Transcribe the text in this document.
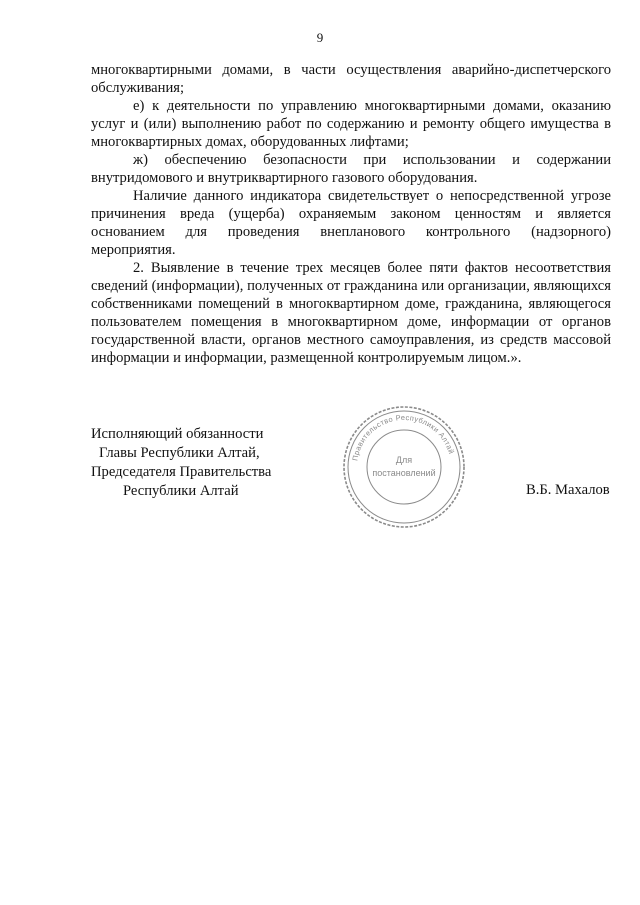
9

многоквартирными домами, в части осуществления аварийно-диспетчерского обслуживания;

е) к деятельности по управлению многоквартирными домами, оказанию услуг и (или) выполнению работ по содержанию и ремонту общего имущества в многоквартирных домах, оборудованных лифтами;

ж) обеспечению безопасности при использовании и содержании внутридомового и внутриквартирного газового оборудования.

Наличие данного индикатора свидетельствует о непосредственной угрозе причинения вреда (ущерба) охраняемым законом ценностям и является основанием для проведения внепланового контрольного (надзорного) мероприятия.

2. Выявление в течение трех месяцев более пяти фактов несоответствия сведений (информации), полученных от гражданина или организации, являющихся собственниками помещений в многоквартирном доме, гражданина, являющегося пользователем помещения в многоквартирном доме, информации от органов государственной власти, органов местного самоуправления, из средств массовой информации и информации, размещенной контролируемым лицом.».

Исполняющий обязанности
Главы Республики Алтай,
Председателя Правительства
Республики Алтай	В.Б. Махалов
Правительство Республики Алтай
Для
постановлений
